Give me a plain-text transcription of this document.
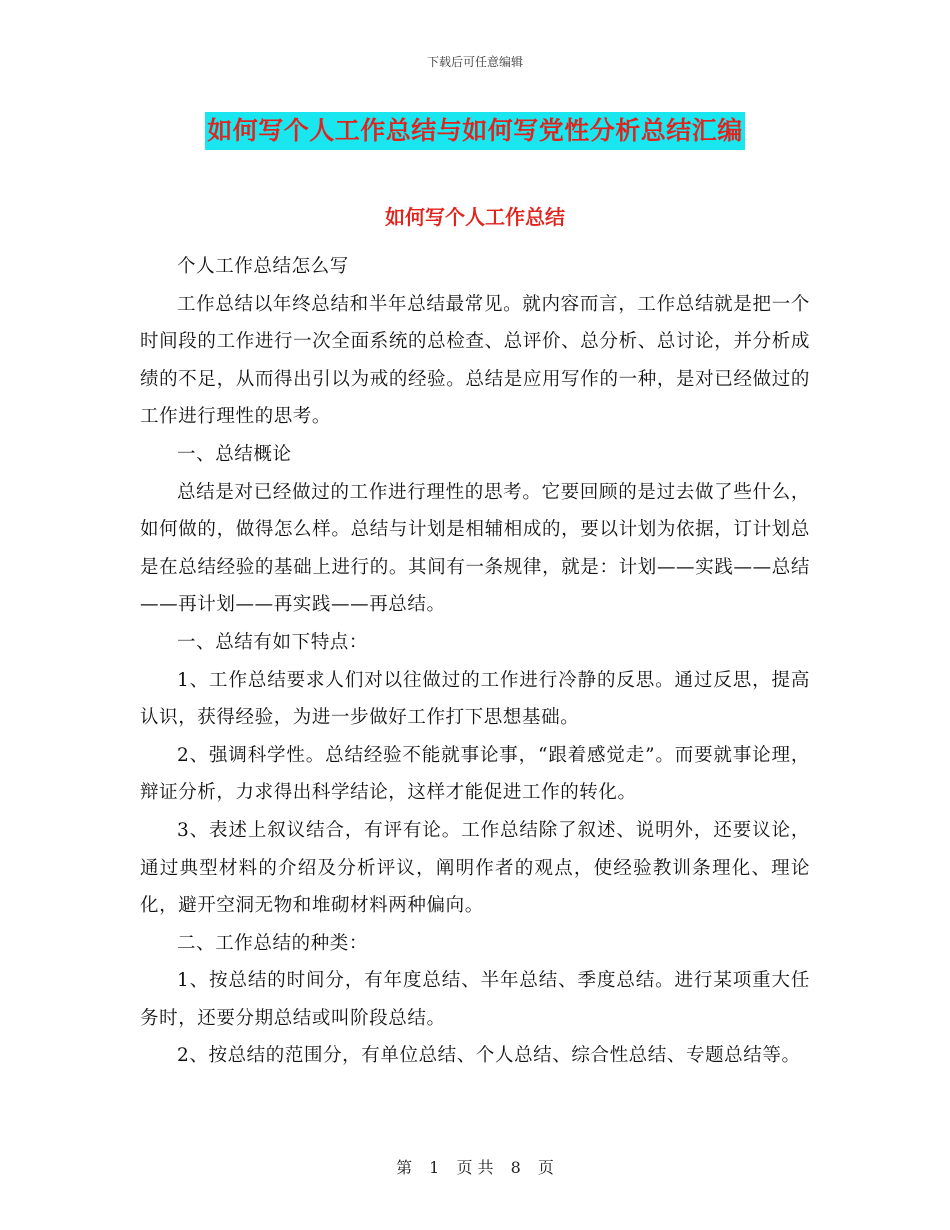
下载后可任意编辑
如何写个人工作总结与如何写党性分析总结汇编
如何写个人工作总结

个人工作总结怎么写

工作总结以年终总结和半年总结最常见。就内容而言，工作总结就是把一个时间段的工作进行一次全面系统的总检查、总评价、总分析、总讨论，并分析成绩的不足，从而得出引以为戒的经验。总结是应用写作的一种，是对已经做过的工作进行理性的思考。

一、总结概论

总结是对已经做过的工作进行理性的思考。它要回顾的是过去做了些什么，如何做的，做得怎么样。总结与计划是相辅相成的，要以计划为依据，订计划总是在总结经验的基础上进行的。其间有一条规律，就是：计划——实践——总结——再计划——再实践——再总结。

一、总结有如下特点：

1、工作总结要求人们对以往做过的工作进行冷静的反思。通过反思，提高认识，获得经验，为进一步做好工作打下思想基础。

2、强调科学性。总结经验不能就事论事，“跟着感觉走”。而要就事论理，辩证分析，力求得出科学结论，这样才能促进工作的转化。

3、表述上叙议结合，有评有论。工作总结除了叙述、说明外，还要议论，通过典型材料的介绍及分析评议，阐明作者的观点，使经验教训条理化、理论化，避开空洞无物和堆砌材料两种偏向。

二、工作总结的种类：

1、按总结的时间分，有年度总结、半年总结、季度总结。进行某项重大任务时，还要分期总结或叫阶段总结。

2、按总结的范围分，有单位总结、个人总结、综合性总结、专题总结等。

第 1 页 共 8 页
